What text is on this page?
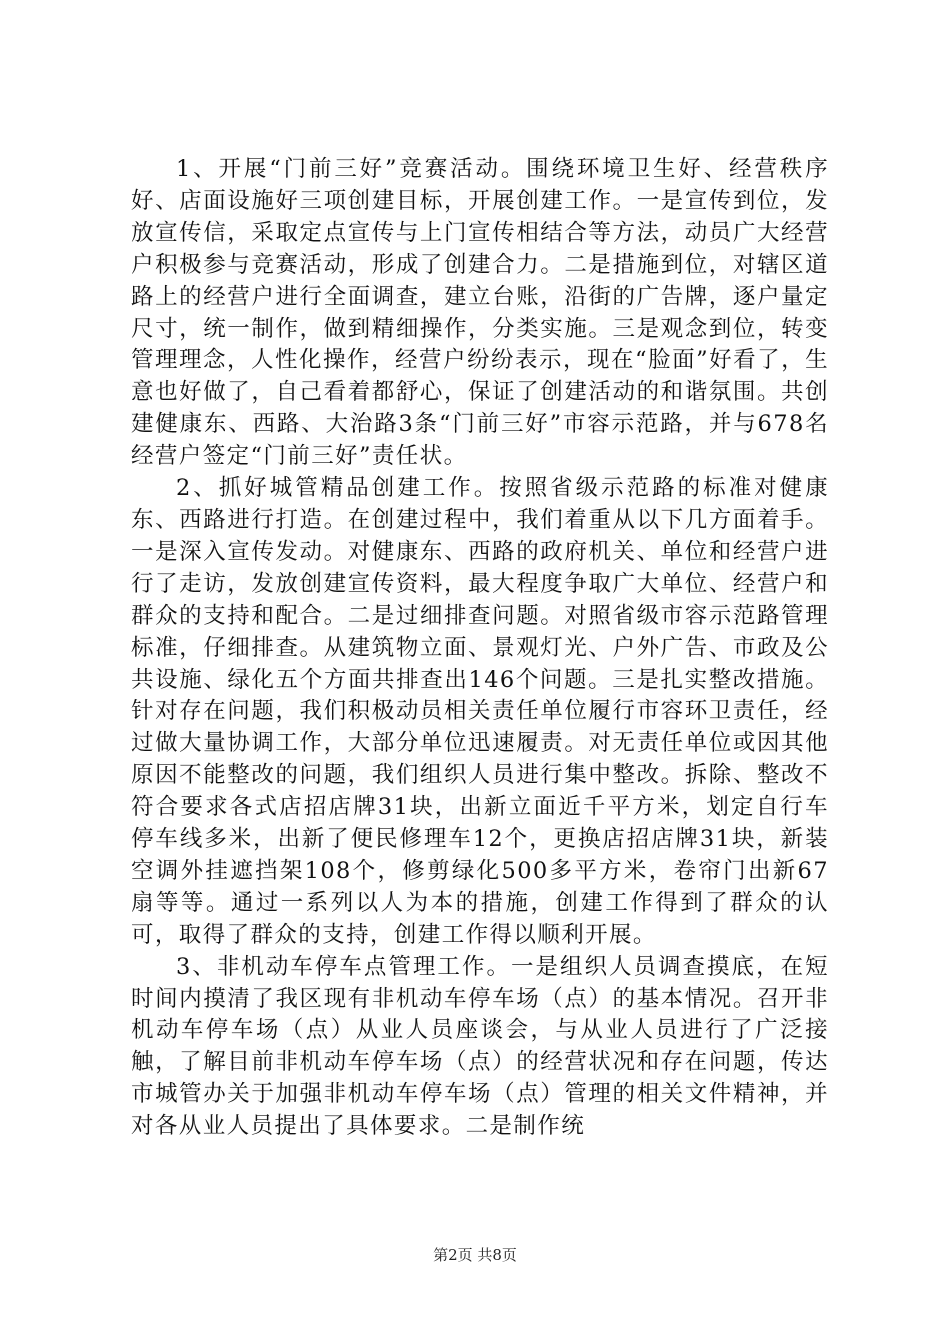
1、开展“门前三好”竞赛活动。围绕环境卫生好、经营秩序好、店面设施好三项创建目标，开展创建工作。一是宣传到位，发放宣传信，采取定点宣传与上门宣传相结合等方法，动员广大经营户积极参与竞赛活动，形成了创建合力。二是措施到位，对辖区道路上的经营户进行全面调查，建立台账，沿街的广告牌，逐户量定尺寸，统一制作，做到精细操作，分类实施。三是观念到位，转变管理理念，人性化操作，经营户纷纷表示，现在“脸面”好看了，生意也好做了，自己看着都舒心，保证了创建活动的和谐氛围。共创建健康东、西路、大治路3条“门前三好”市容示范路，并与678名经营户签定“门前三好”责任状。

2、抓好城管精品创建工作。按照省级示范路的标准对健康东、西路进行打造。在创建过程中，我们着重从以下几方面着手。一是深入宣传发动。对健康东、西路的政府机关、单位和经营户进行了走访，发放创建宣传资料，最大程度争取广大单位、经营户和群众的支持和配合。二是过细排查问题。对照省级市容示范路管理标准，仔细排查。从建筑物立面、景观灯光、户外广告、市政及公共设施、绿化五个方面共排查出146个问题。三是扎实整改措施。针对存在问题，我们积极动员相关责任单位履行市容环卫责任，经过做大量协调工作，大部分单位迅速履责。对无责任单位或因其他原因不能整改的问题，我们组织人员进行集中整改。拆除、整改不符合要求各式店招店牌31块，出新立面近千平方米，划定自行车停车线多米，出新了便民修理车12个，更换店招店牌31块，新装空调外挂遮挡架108个，修剪绿化500多平方米，卷帘门出新67扇等等。通过一系列以人为本的措施，创建工作得到了群众的认可，取得了群众的支持，创建工作得以顺利开展。

3、非机动车停车点管理工作。一是组织人员调查摸底，在短时间内摸清了我区现有非机动车停车场（点）的基本情况。召开非机动车停车场（点）从业人员座谈会，与从业人员进行了广泛接触，了解目前非机动车停车场（点）的经营状况和存在问题，传达市城管办关于加强非机动车停车场（点）管理的相关文件精神，并对各从业人员提出了具体要求。二是制作统

第2页 共8页
